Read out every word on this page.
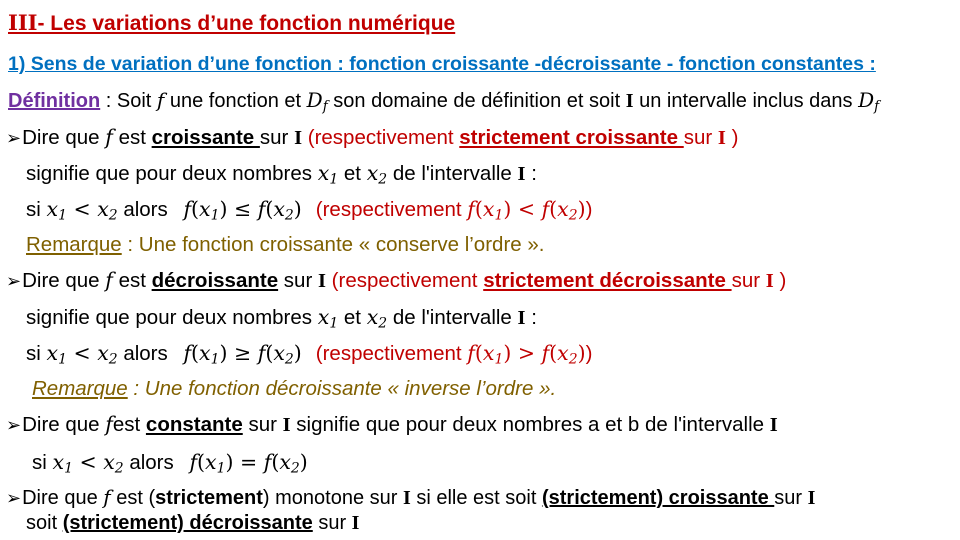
III- Les variations d’une fonction numérique
1) Sens de variation d’une fonction : fonction croissante -décroissante - fonction constantes :
Définition : Soit f une fonction et $D_f$ son domaine de définition et soit I un intervalle inclus dans $D_f$
➢Dire que f est croissante sur I (respectivement strictement croissante sur I )
signifie que pour deux nombres $x_1$ et $x_2$ de l'intervalle I :
si $x_1 < x_2$ alors $f(x_1) \le f(x_2)$ (respectivement $f(x_1) < f(x_2)$)
Remarque : Une fonction croissante « conserve l’ordre ».
➢Dire que f est décroissante sur I (respectivement strictement décroissante sur I )
signifie que pour deux nombres $x_1$ et $x_2$ de l'intervalle I :
si $x_1 < x_2$ alors $f(x_1) \ge f(x_2)$ (respectivement $f(x_1) > f(x_2)$)
Remarque : Une fonction décroissante « inverse l’ordre ».
➢Dire que fest constante sur I signifie que pour deux nombres a et b de l'intervalle I
si $x_1 < x_2$ alors $f(x_1) = f(x_2)$
➢Dire que f est (strictement) monotone sur I si elle est soit (strictement) croissante sur I
soit (strictement) décroissante sur I
